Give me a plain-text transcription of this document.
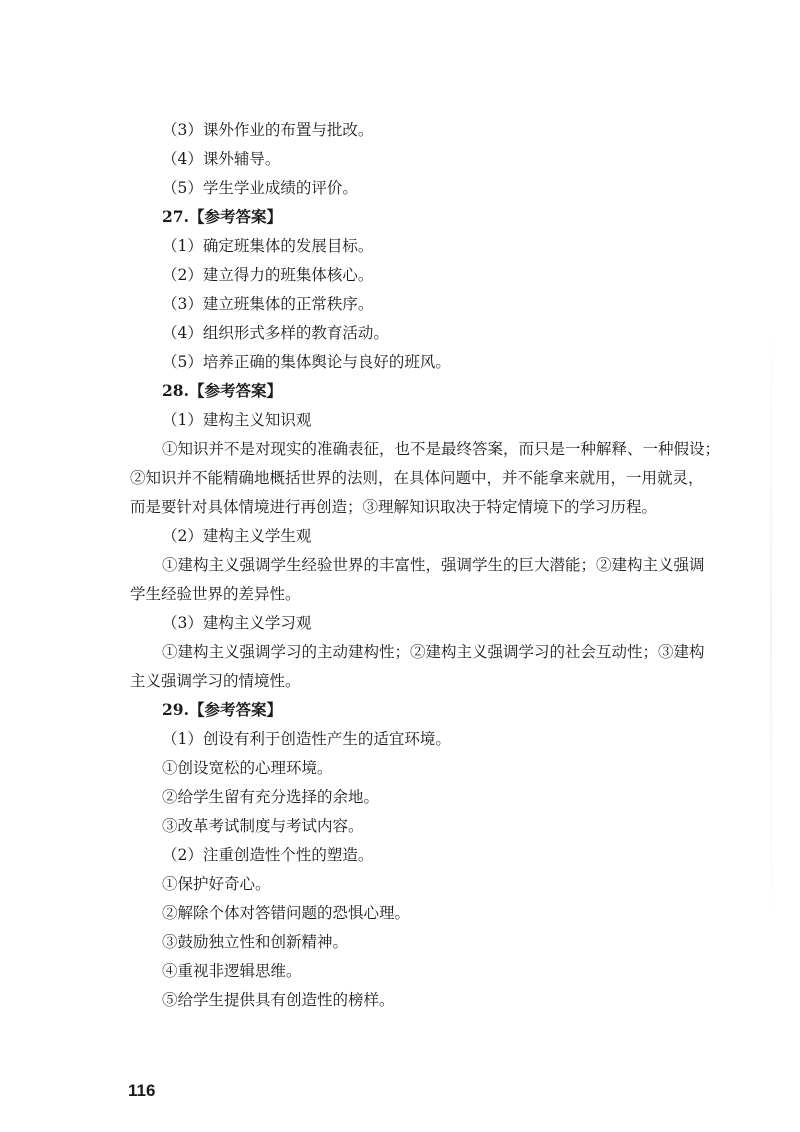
（3）课外作业的布置与批改。
（4）课外辅导。
（5）学生学业成绩的评价。
27.【参考答案】
（1）确定班集体的发展目标。
（2）建立得力的班集体核心。
（3）建立班集体的正常秩序。
（4）组织形式多样的教育活动。
（5）培养正确的集体舆论与良好的班风。
28.【参考答案】
（1）建构主义知识观
①知识并不是对现实的准确表征，也不是最终答案，而只是一种解释、一种假设；
②知识并不能精确地概括世界的法则，在具体问题中，并不能拿来就用，一用就灵，
而是要针对具体情境进行再创造；③理解知识取决于特定情境下的学习历程。
（2）建构主义学生观
①建构主义强调学生经验世界的丰富性，强调学生的巨大潜能；②建构主义强调
学生经验世界的差异性。
（3）建构主义学习观
①建构主义强调学习的主动建构性；②建构主义强调学习的社会互动性；③建构
主义强调学习的情境性。
29.【参考答案】
（1）创设有利于创造性产生的适宜环境。
①创设宽松的心理环境。
②给学生留有充分选择的余地。
③改革考试制度与考试内容。
（2）注重创造性个性的塑造。
①保护好奇心。
②解除个体对答错问题的恐惧心理。
③鼓励独立性和创新精神。
④重视非逻辑思维。
⑤给学生提供具有创造性的榜样。
116
